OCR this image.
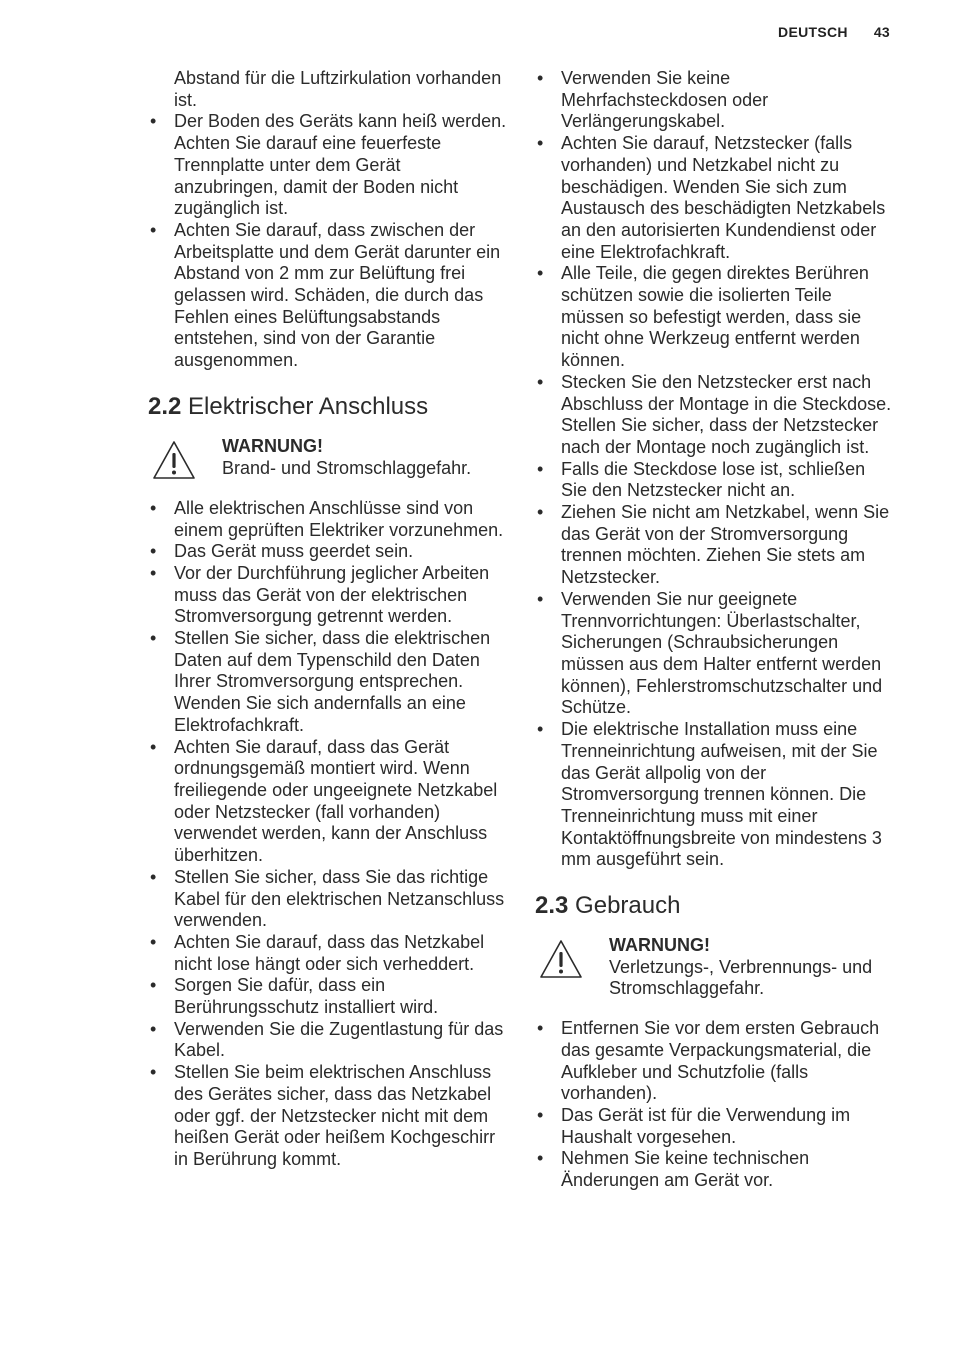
DEUTSCH 43

Abstand für die Luftzirkulation vorhanden ist.

• Der Boden des Geräts kann heiß werden. Achten Sie darauf eine feuerfeste Trennplatte unter dem Gerät anzubringen, damit der Boden nicht zugänglich ist.
• Achten Sie darauf, dass zwischen der Arbeitsplatte und dem Gerät darunter ein Abstand von 2 mm zur Belüftung frei gelassen wird. Schäden, die durch das Fehlen eines Belüftungsabstands entstehen, sind von der Garantie ausgenommen.
2.2 Elektrischer Anschluss
WARNUNG!
Brand- und Stromschlaggefahr.
• Alle elektrischen Anschlüsse sind von einem geprüften Elektriker vorzunehmen.
• Das Gerät muss geerdet sein.
• Vor der Durchführung jeglicher Arbeiten muss das Gerät von der elektrischen Stromversorgung getrennt werden.
• Stellen Sie sicher, dass die elektrischen Daten auf dem Typenschild den Daten Ihrer Stromversorgung entsprechen. Wenden Sie sich andernfalls an eine Elektrofachkraft.
• Achten Sie darauf, dass das Gerät ordnungsgemäß montiert wird. Wenn freiliegende oder ungeeignete Netzkabel oder Netzstecker (fall vorhanden) verwendet werden, kann der Anschluss überhitzen.
• Stellen Sie sicher, dass Sie das richtige Kabel für den elektrischen Netzanschluss verwenden.
• Achten Sie darauf, dass das Netzkabel nicht lose hängt oder sich verheddert.
• Sorgen Sie dafür, dass ein Berührungsschutz installiert wird.
• Verwenden Sie die Zugentlastung für das Kabel.
• Stellen Sie beim elektrischen Anschluss des Gerätes sicher, dass das Netzkabel oder ggf. der Netzstecker nicht mit dem heißen Gerät oder heißem Kochgeschirr in Berührung kommt.
• Verwenden Sie keine Mehrfachsteckdosen oder Verlängerungskabel.
• Achten Sie darauf, Netzstecker (falls vorhanden) und Netzkabel nicht zu beschädigen. Wenden Sie sich zum Austausch des beschädigten Netzkabels an den autorisierten Kundendienst oder eine Elektrofachkraft.
• Alle Teile, die gegen direktes Berühren schützen sowie die isolierten Teile müssen so befestigt werden, dass sie nicht ohne Werkzeug entfernt werden können.
• Stecken Sie den Netzstecker erst nach Abschluss der Montage in die Steckdose. Stellen Sie sicher, dass der Netzstecker nach der Montage noch zugänglich ist.
• Falls die Steckdose lose ist, schließen Sie den Netzstecker nicht an.
• Ziehen Sie nicht am Netzkabel, wenn Sie das Gerät von der Stromversorgung trennen möchten. Ziehen Sie stets am Netzstecker.
• Verwenden Sie nur geeignete Trennvorrichtungen: Überlastschalter, Sicherungen (Schraubsicherungen müssen aus dem Halter entfernt werden können), Fehlerstromschutzschalter und Schütze.
• Die elektrische Installation muss eine Trenneinrichtung aufweisen, mit der Sie das Gerät allpolig von der Stromversorgung trennen können. Die Trenneinrichtung muss mit einer Kontaktöffnungsbreite von mindestens 3 mm ausgeführt sein.
2.3 Gebrauch
WARNUNG!
Verletzungs-, Verbrennungs- und Stromschlaggefahr.
• Entfernen Sie vor dem ersten Gebrauch das gesamte Verpackungsmaterial, die Aufkleber und Schutzfolie (falls vorhanden).
• Das Gerät ist für die Verwendung im Haushalt vorgesehen.
• Nehmen Sie keine technischen Änderungen am Gerät vor.
